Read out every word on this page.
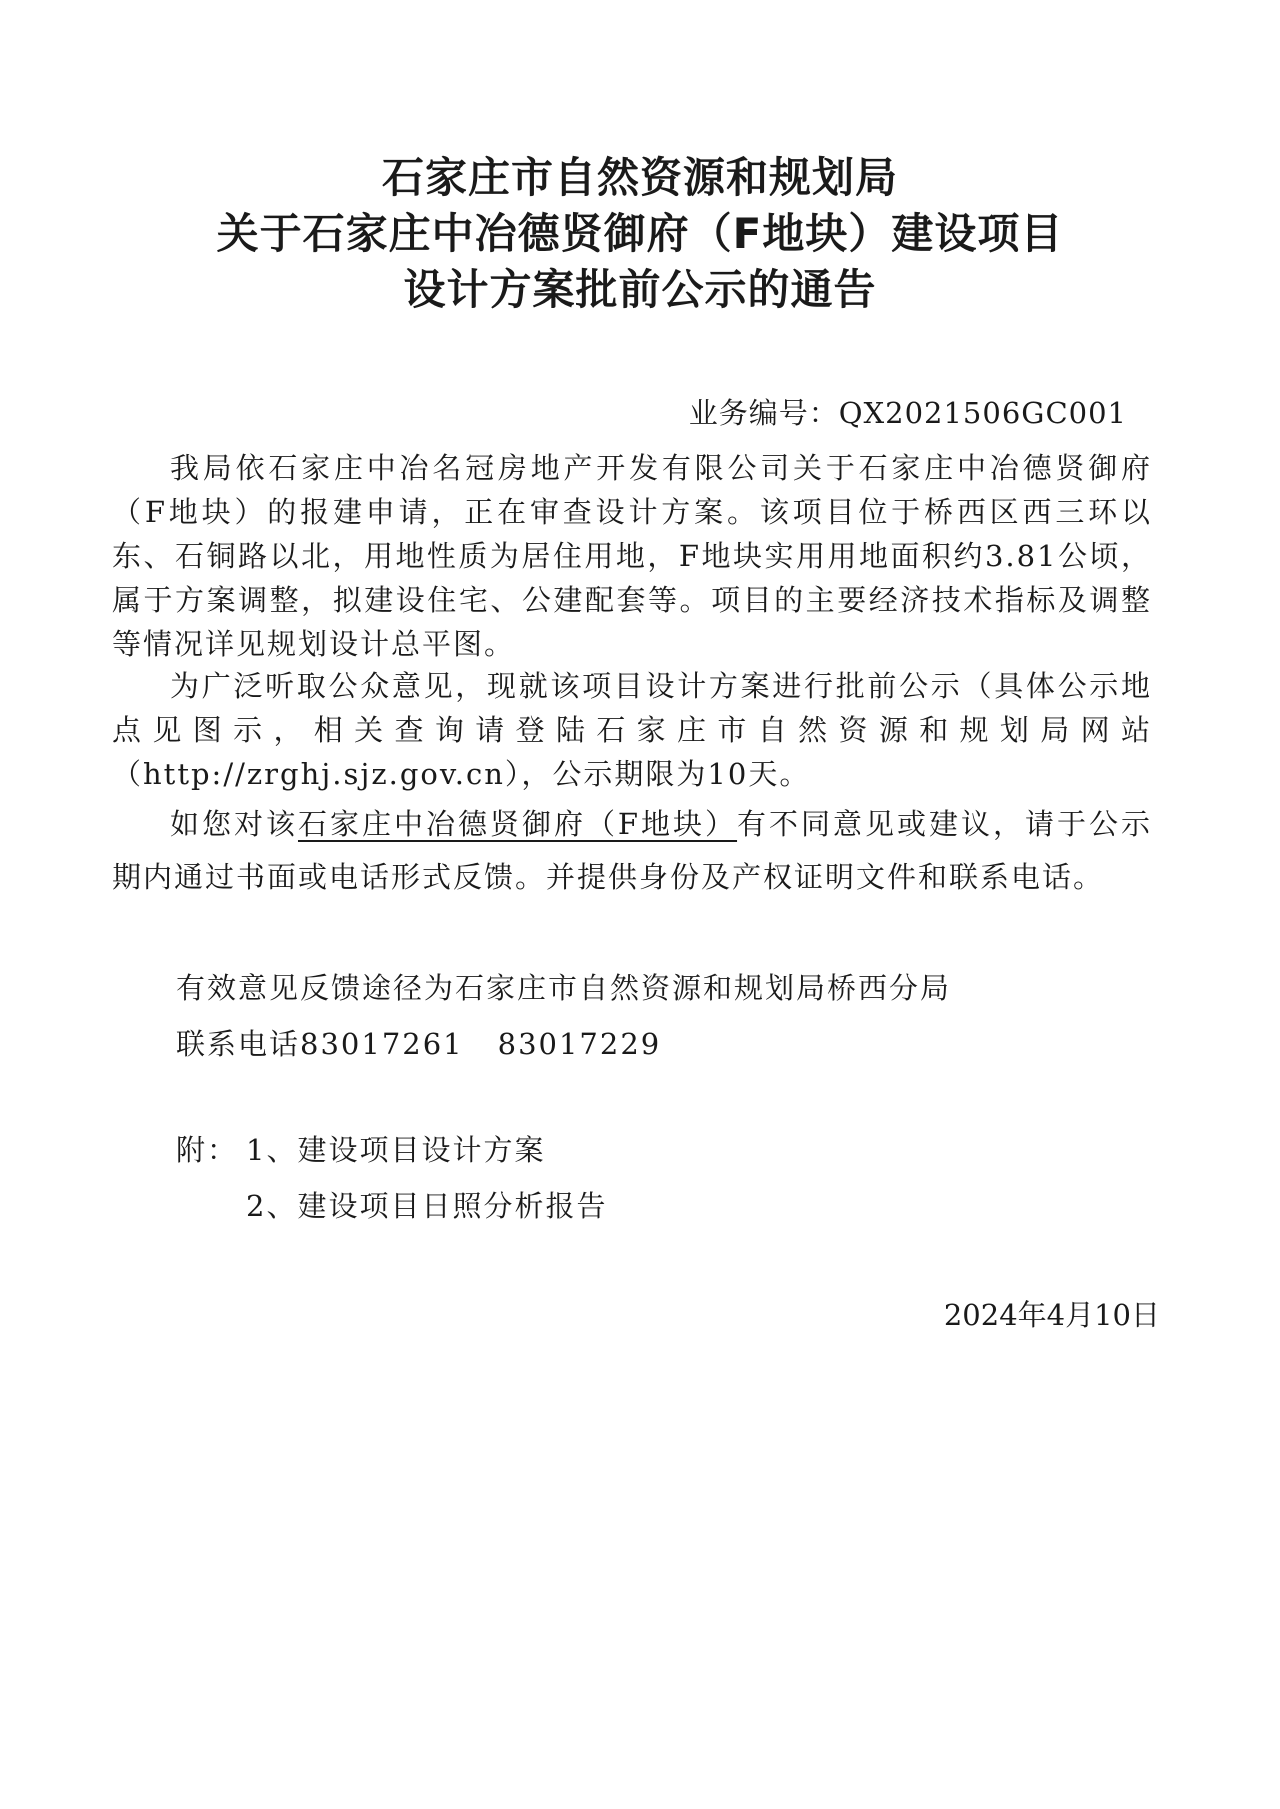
石家庄市自然资源和规划局
关于石家庄中冶德贤御府（F地块）建设项目
设计方案批前公示的通告
业务编号：QX2021506GC001

我局依石家庄中冶名冠房地产开发有限公司关于石家庄中冶德贤御府（F地块）的报建申请，正在审查设计方案。该项目位于桥西区西三环以东、石铜路以北，用地性质为居住用地，F地块实用用地面积约3.81公顷，属于方案调整，拟建设住宅、公建配套等。项目的主要经济技术指标及调整等情况详见规划设计总平图。

为广泛听取公众意见，现就该项目设计方案进行批前公示（具体公示地点见图示，相关查询请登陆石家庄市自然资源和规划局网站（http://zrghj.sjz.gov.cn），公示期限为10天。

如您对该石家庄中冶德贤御府（F地块）有不同意见或建议，请于公示期内通过书面或电话形式反馈。并提供身份及产权证明文件和联系电话。

有效意见反馈途径为石家庄市自然资源和规划局桥西分局
联系电话83017261 83017229
附： 1、建设项目设计方案
2、建设项目日照分析报告
2024年4月10日
